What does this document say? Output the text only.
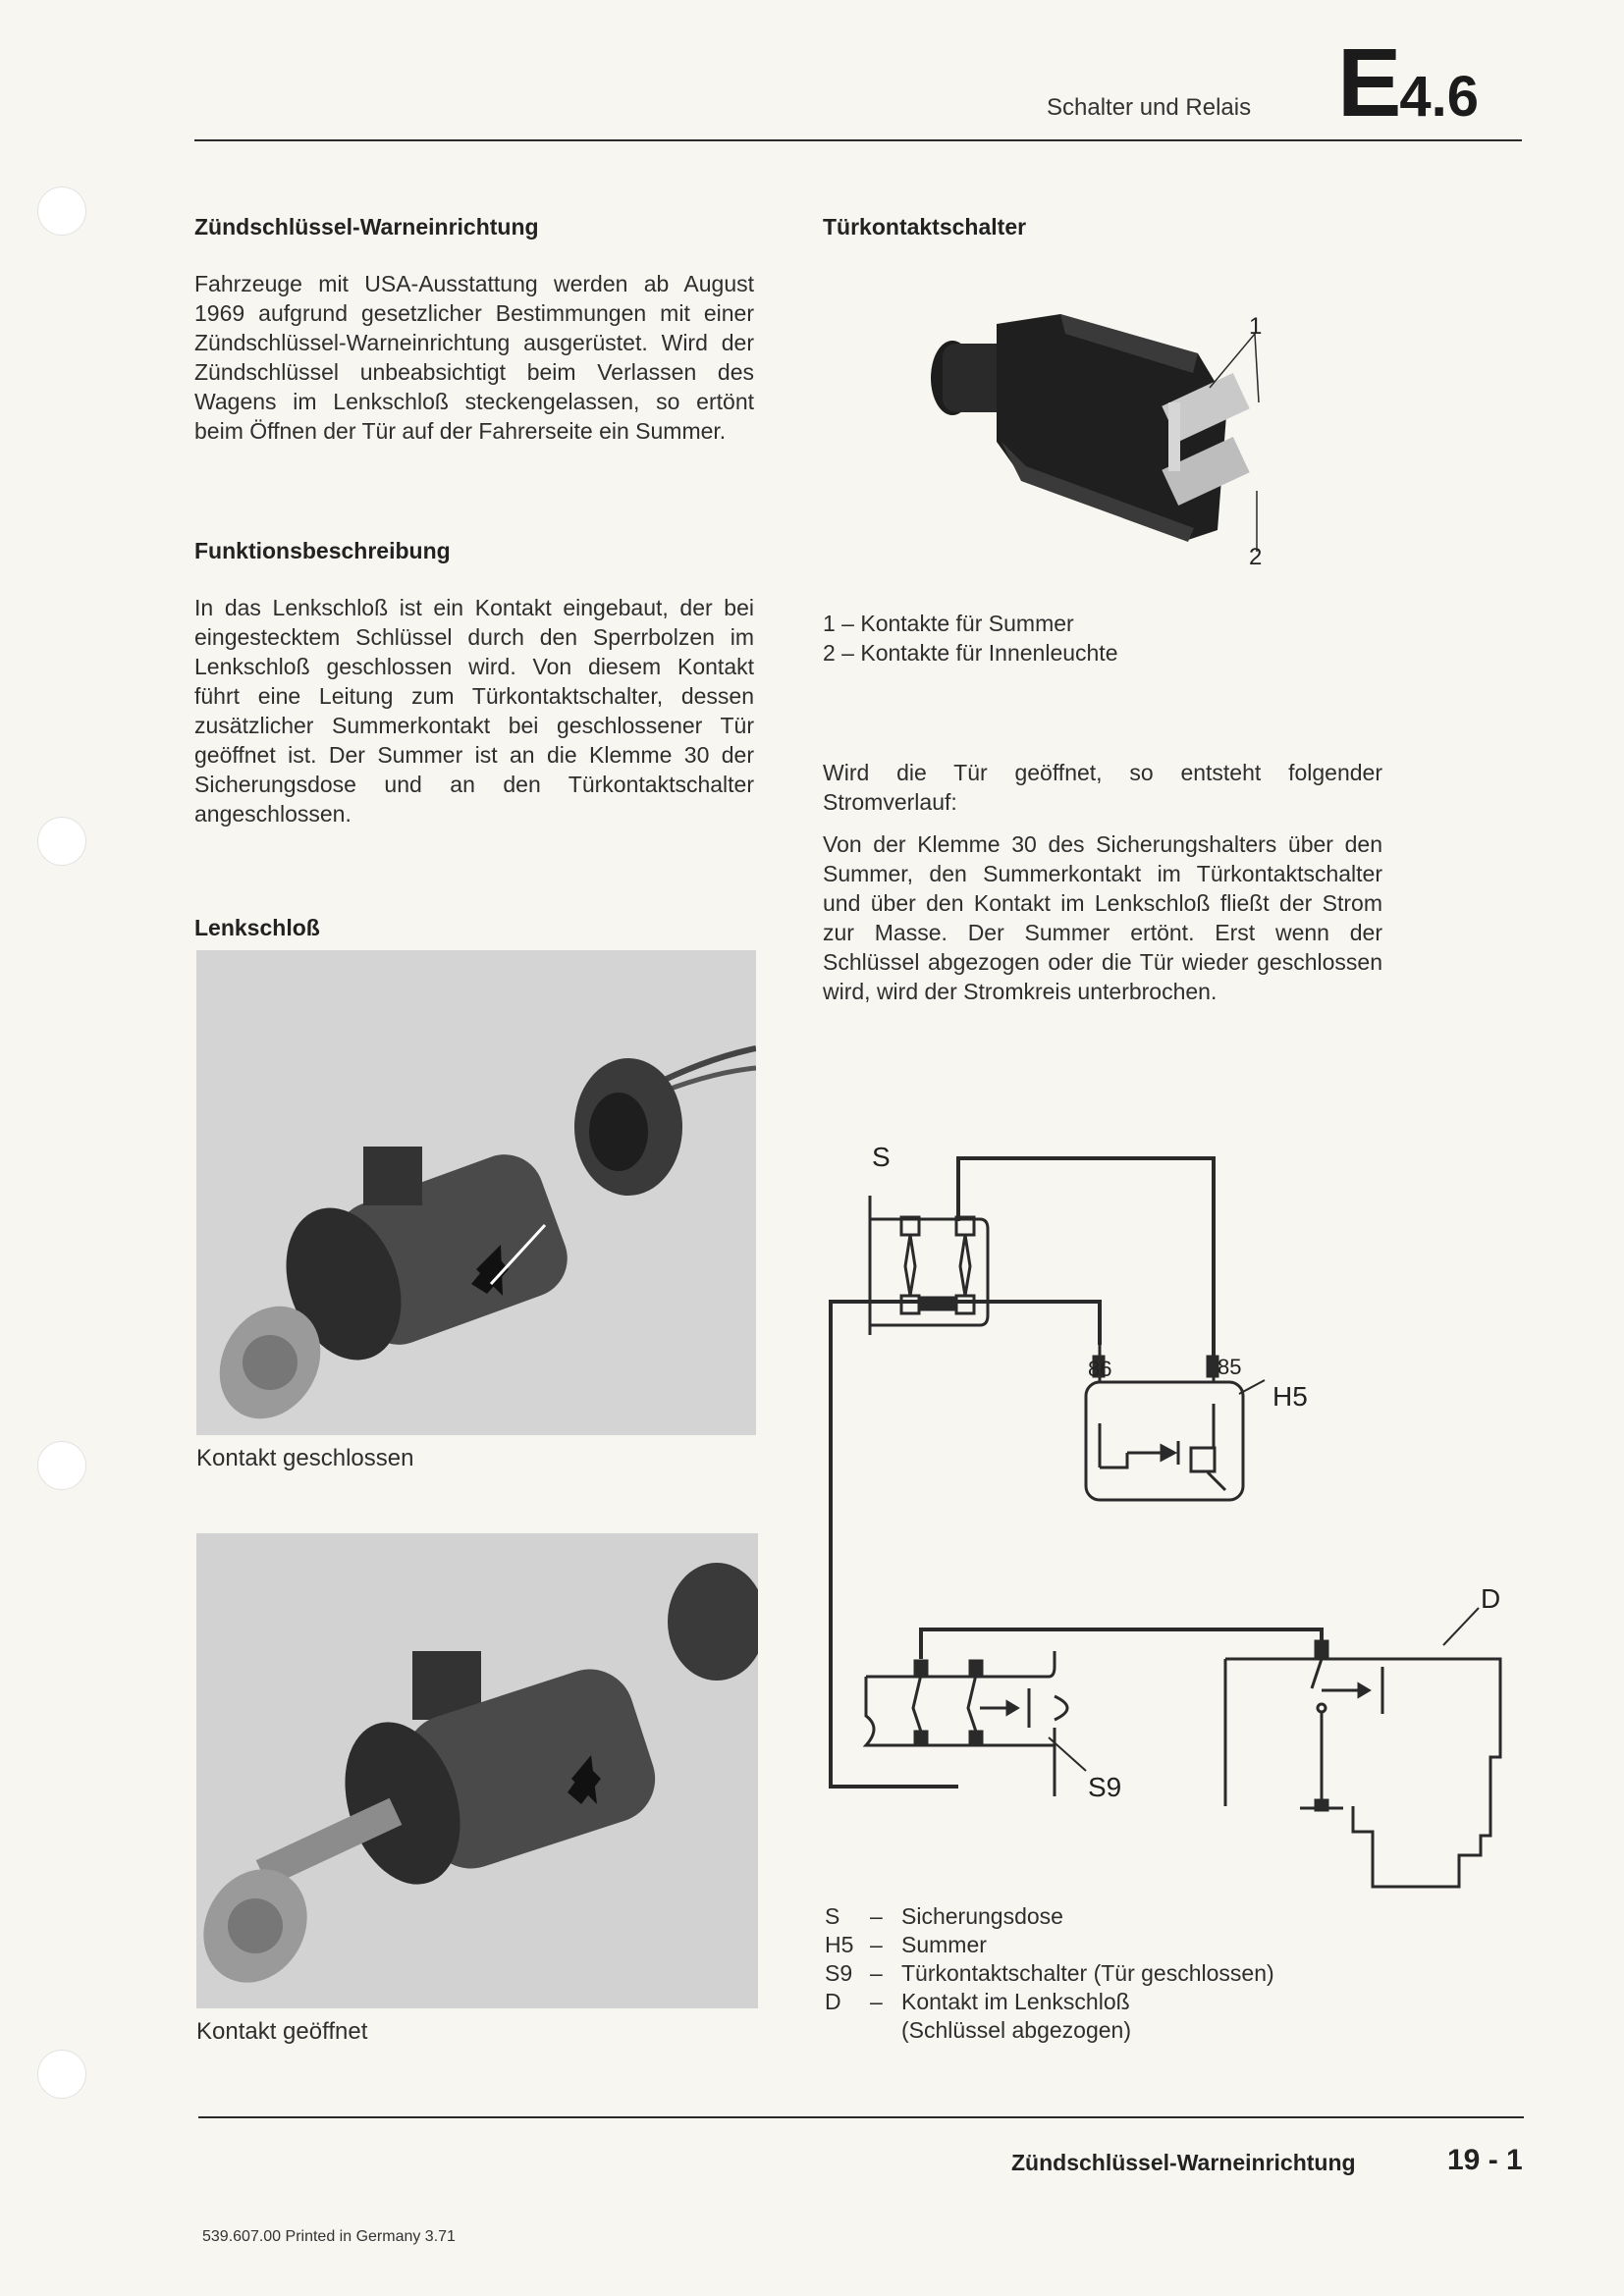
Schalter und Relais E4.6
Zündschlüssel-Warneinrichtung
Fahrzeuge mit USA-Ausstattung werden ab August 1969 aufgrund gesetzlicher Bestimmungen mit einer Zündschlüssel-Warneinrichtung ausgerüstet. Wird der Zündschlüssel unbeabsichtigt beim Verlassen des Wagens im Lenkschloß steckengelassen, so ertönt beim Öffnen der Tür auf der Fahrerseite ein Summer.
Funktionsbeschreibung
In das Lenkschloß ist ein Kontakt eingebaut, der bei eingestecktem Schlüssel durch den Sperrbolzen im Lenkschloß geschlossen wird. Von diesem Kontakt führt eine Leitung zum Türkontaktschalter, dessen zusätzlicher Summerkontakt bei geschlossener Tür geöffnet ist. Der Summer ist an die Klemme 30 der Sicherungsdose und an den Türkontaktschalter angeschlossen.
Lenkschloß
Kontakt geschlossen
Kontakt geöffnet
Türkontaktschalter
1
2
1 – Kontakte für Summer
2 – Kontakte für Innenleuchte
Wird die Tür geöffnet, so entsteht folgender Stromverlauf:
Von der Klemme 30 des Sicherungshalters über den Summer, den Summerkontakt im Türkontaktschalter und über den Kontakt im Lenkschloß fließt der Strom zur Masse. Der Summer ertönt. Erst wenn der Schlüssel abgezogen oder die Tür wieder geschlossen wird, wird der Stromkreis unterbrochen.
S
86	85
H5
S9
D
S	– Sicherungsdose
H5 – Summer
S9 – Türkontaktschalter (Tür geschlossen)
D	– Kontakt im Lenkschloß
(Schlüssel abgezogen)
Zündschlüssel-Warneinrichtung	19 - 1
539.607.00 Printed in Germany 3.71
